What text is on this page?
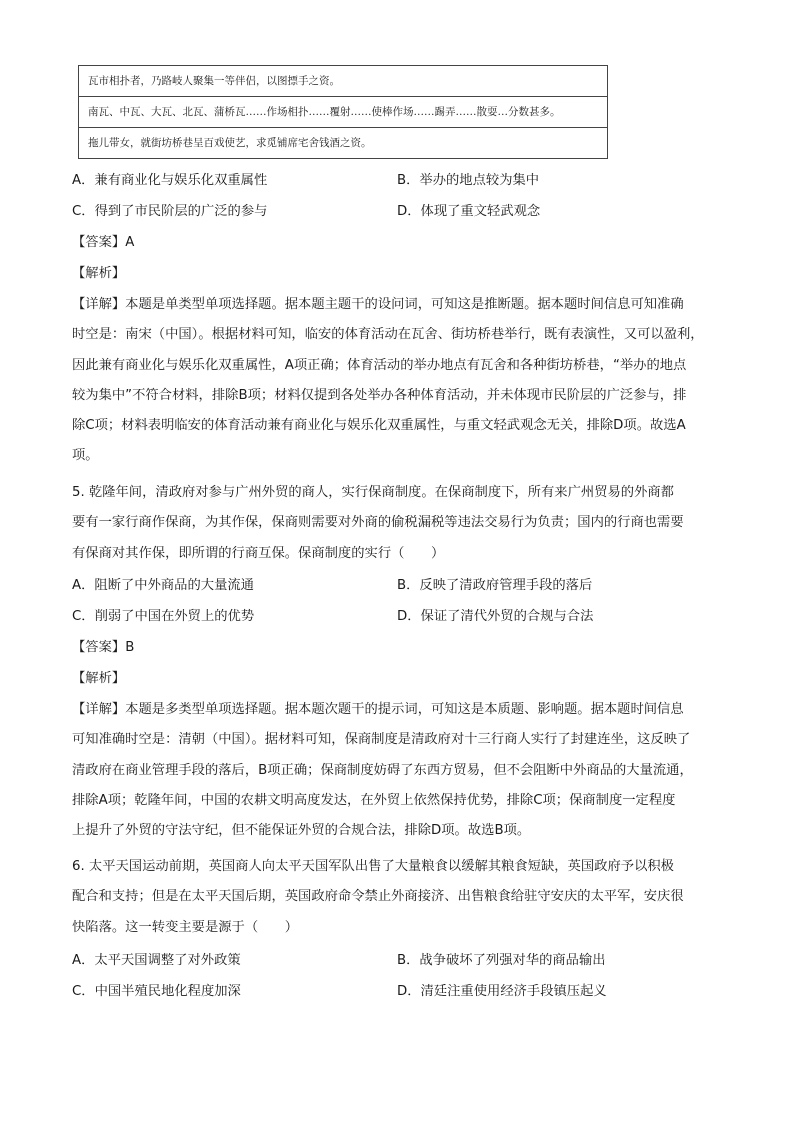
瓦市相扑者，乃路岐人聚集一等伴侣，以图摽手之资。
南瓦、中瓦、大瓦、北瓦、蒲桥瓦……作场相扑……覆射……使棒作场……踢弄……散耍…分数甚多。
拖儿带女，就街坊桥巷呈百戏使艺，求觅铺席宅舍钱酒之资。
A．兼有商业化与娱乐化双重属性	B．举办的地点较为集中
C．得到了市民阶层的广泛的参与	D．体现了重文轻武观念
【答案】A
【解析】
【详解】本题是单类型单项选择题。据本题主题干的设问词，可知这是推断题。据本题时间信息可知准确
时空是：南宋（中国）。根据材料可知，临安的体育活动在瓦舍、街坊桥巷举行，既有表演性，又可以盈利，
因此兼有商业化与娱乐化双重属性，A项正确；体育活动的举办地点有瓦舍和各种街坊桥巷，“举办的地点
较为集中”不符合材料，排除B项；材料仅提到各处举办各种体育活动，并未体现市民阶层的广泛参与，排
除C项；材料表明临安的体育活动兼有商业化与娱乐化双重属性，与重文轻武观念无关，排除D项。故选A
项。
5. 乾隆年间，清政府对参与广州外贸的商人，实行保商制度。在保商制度下，所有来广州贸易的外商都
要有一家行商作保商，为其作保，保商则需要对外商的偷税漏税等违法交易行为负责；国内的行商也需要
有保商对其作保，即所谓的行商互保。保商制度的实行（　　）
A．阻断了中外商品的大量流通	B．反映了清政府管理手段的落后
C．削弱了中国在外贸上的优势	D．保证了清代外贸的合规与合法
【答案】B
【解析】
【详解】本题是多类型单项选择题。据本题次题干的提示词，可知这是本质题、影响题。据本题时间信息
可知准确时空是：清朝（中国）。据材料可知，保商制度是清政府对十三行商人实行了封建连坐，这反映了
清政府在商业管理手段的落后，B项正确；保商制度妨碍了东西方贸易，但不会阻断中外商品的大量流通，
排除A项；乾隆年间，中国的农耕文明高度发达，在外贸上依然保持优势，排除C项；保商制度一定程度
上提升了外贸的守法守纪，但不能保证外贸的合规合法，排除D项。故选B项。
6. 太平天国运动前期，英国商人向太平天国军队出售了大量粮食以缓解其粮食短缺，英国政府予以积极
配合和支持；但是在太平天国后期，英国政府命令禁止外商接济、出售粮食给驻守安庆的太平军，安庆很
快陷落。这一转变主要是源于（　　）
A．太平天国调整了对外政策	B．战争破坏了列强对华的商品输出
C．中国半殖民地化程度加深	D．清廷注重使用经济手段镇压起义
